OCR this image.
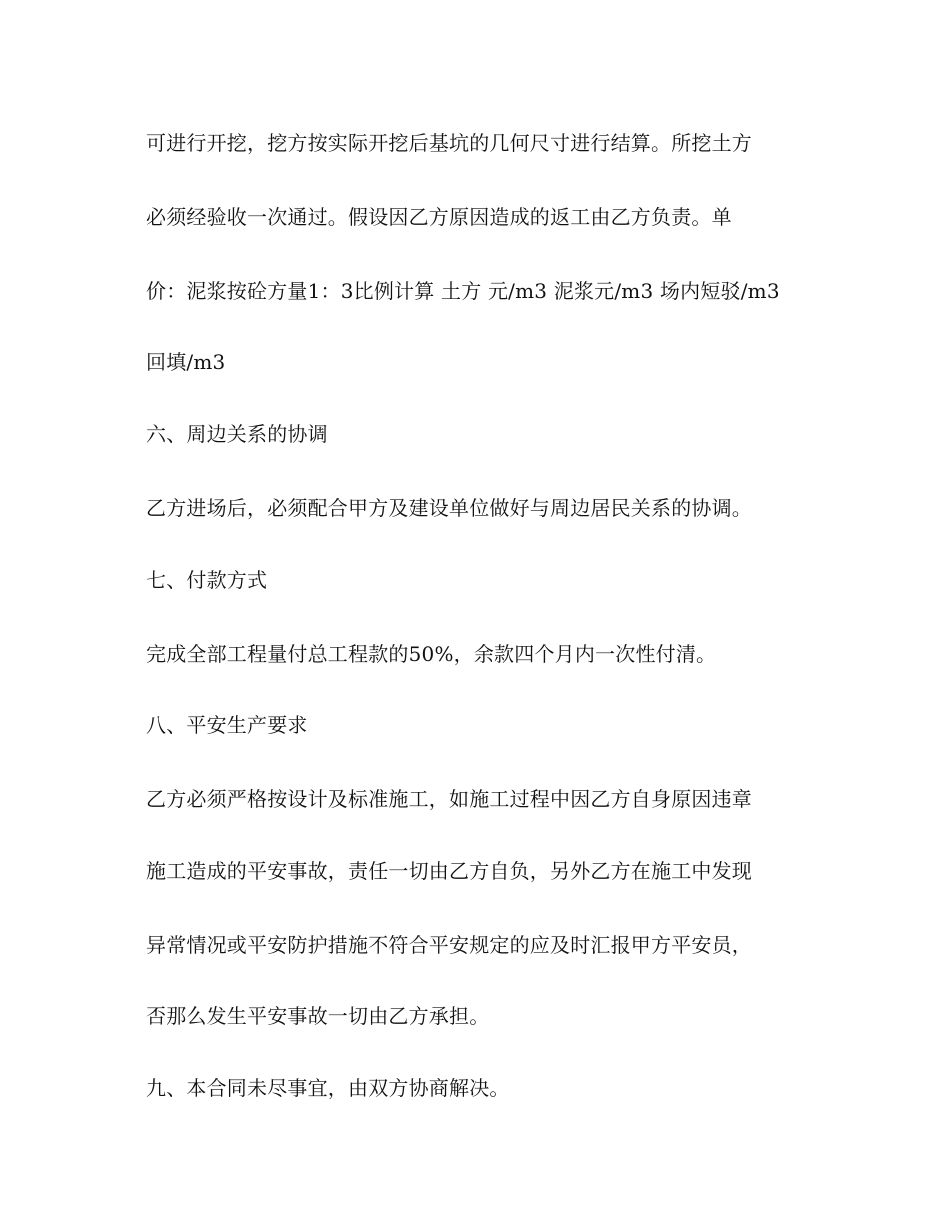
可进行开挖，挖方按实际开挖后基坑的几何尺寸进行结算。所挖土方
必须经验收一次通过。假设因乙方原因造成的返工由乙方负责。单
价：泥浆按砼方量1：3比例计算 土方 元/m3 泥浆元/m3 场内短驳/m3
回填/m3
六、周边关系的协调
乙方进场后，必须配合甲方及建设单位做好与周边居民关系的协调。
七、付款方式
完成全部工程量付总工程款的50%，余款四个月内一次性付清。
八、平安生产要求
乙方必须严格按设计及标准施工，如施工过程中因乙方自身原因违章
施工造成的平安事故，责任一切由乙方自负，另外乙方在施工中发现
异常情况或平安防护措施不符合平安规定的应及时汇报甲方平安员，
否那么发生平安事故一切由乙方承担。
九、本合同未尽事宜，由双方协商解决。
